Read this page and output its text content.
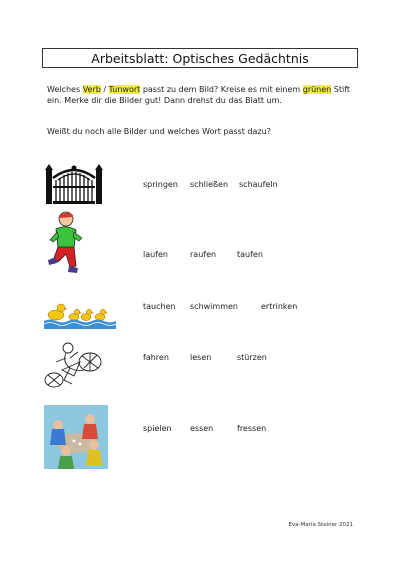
Arbeitsblatt: Optisches Gedächtnis
Welches Verb / Tunwort passt zu dem Bild? Kreise es mit einem grünen Stift ein. Merke dir die Bilder gut! Dann drehst du das Blatt um.
Weißt du noch alle Bilder und welches Wort passt dazu?
springen schließen schaufeln
laufen	raufen	taufen
tauchen schwimmen	ertrinken
fahren	lesen	stürzen
spielen essen	fressen
Eva-Maria Steiner 2021
